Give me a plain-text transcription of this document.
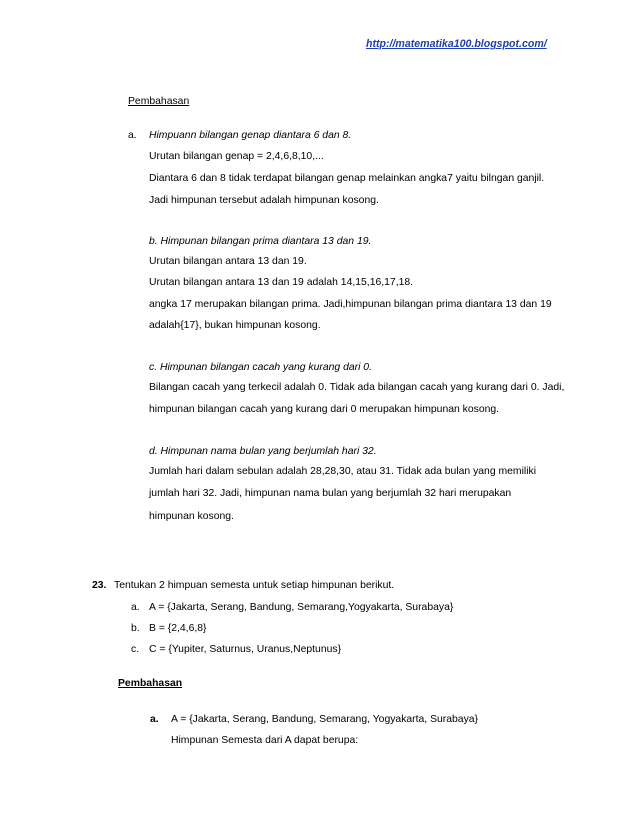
http://matematika100.blogspot.com/
Pembahasan
a. Himpuann bilangan genap diantara 6 dan 8.
Urutan bilangan genap = 2,4,6,8,10,...
Diantara 6 dan 8 tidak terdapat bilangan genap melainkan angka7 yaitu bilngan ganjil.
Jadi himpunan tersebut adalah himpunan kosong.
b. Himpunan bilangan prima diantara 13 dan 19.
Urutan bilangan antara 13 dan 19.
Urutan bilangan antara 13 dan 19 adalah 14,15,16,17,18.
angka 17 merupakan bilangan prima. Jadi,himpunan bilangan prima diantara 13 dan 19
adalah{17}, bukan himpunan kosong.
c. Himpunan bilangan cacah yang kurang dari 0.
Bilangan cacah yang terkecil adalah 0. Tidak ada bilangan cacah yang kurang dari 0. Jadi,
himpunan bilangan cacah yang kurang dari 0 merupakan himpunan kosong.
d. Himpunan nama bulan yang berjumlah hari 32.
Jumlah hari dalam sebulan adalah 28,28,30, atau 31. Tidak ada bulan yang memiliki
jumlah hari 32. Jadi, himpunan nama bulan yang berjumlah 32 hari merupakan
himpunan kosong.
23. Tentukan 2 himpuan semesta untuk setiap himpunan berikut.
a. A = {Jakarta, Serang, Bandung, Semarang,Yogyakarta, Surabaya}
b. B = {2,4,6,8}
c. C = {Yupiter, Saturnus, Uranus,Neptunus}
Pembahasan
a. A = {Jakarta, Serang, Bandung, Semarang, Yogyakarta, Surabaya}
Himpunan Semesta dari A dapat berupa:
